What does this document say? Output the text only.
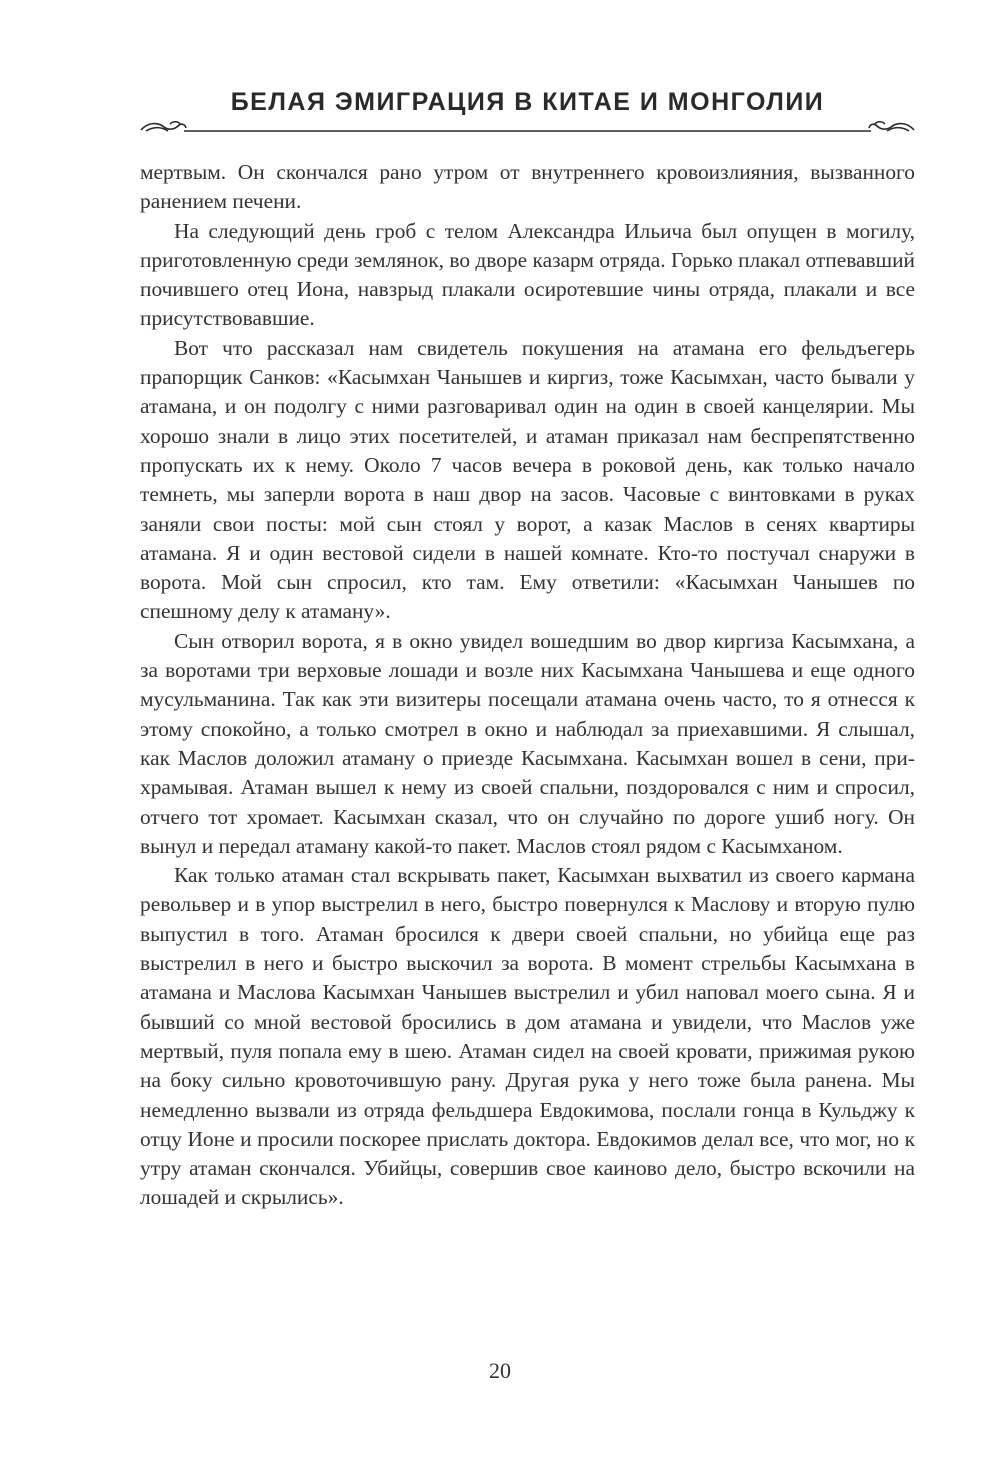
БЕЛАЯ ЭМИГРАЦИЯ В КИТАЕ И МОНГОЛИИ

мертвым. Он скончался рано утром от внутреннего кровоизлияния, вызванного ранением печени.

На следующий день гроб с телом Александра Ильича был опущен в могилу, приготовленную среди землянок, во дворе казарм отряда. Горько плакал отпевавший почившего отец Иона, навзрыд плакали осиротевшие чины отряда, плакали и все присутствовавшие.

Вот что рассказал нам свидетель покушения на атамана его фельдъегерь прапорщик Санков: «Касымхан Чанышев и киргиз, тоже Касымхан, часто бывали у атамана, и он подолгу с ними разговаривал один на один в своей канцелярии. Мы хорошо знали в лицо этих посетителей, и атаман приказал нам беспрепятственно пропускать их к нему. Около 7 часов вечера в роковой день, как только начало темнеть, мы заперли ворота в наш двор на засов. Часовые с винтовками в руках заняли свои посты: мой сын стоял у ворот, а казак Маслов в сенях квартиры атамана. Я и один вестовой сидели в нашей комнате. Кто-то постучал снаружи в ворота. Мой сын спросил, кто там. Ему ответили: «Касымхан Чанышев по спешному делу к атаману».

Сын отворил ворота, я в окно увидел вошедшим во двор киргиза Касымхана, а за воротами три верховые лошади и возле них Касымхана Чанышева и еще одного мусульманина. Так как эти визитеры посещали атамана очень часто, то я отнесся к этому спокойно, а только смотрел в окно и наблюдал за приехавшими. Я слышал, как Маслов доложил атаману о приезде Касымхана. Касымхан вошел в сени, прихрамывая. Атаман вышел к нему из своей спальни, поздоровался с ним и спросил, отчего тот хромает. Касымхан сказал, что он случайно по дороге ушиб ногу. Он вынул и передал атаману какой-то пакет. Маслов стоял рядом с Касымханом.

Как только атаман стал вскрывать пакет, Касымхан выхватил из своего кармана револьвер и в упор выстрелил в него, быстро повернулся к Маслову и вторую пулю выпустил в того. Атаман бросился к двери своей спальни, но убийца еще раз выстрелил в него и быстро выскочил за ворота. В момент стрельбы Касымхана в атамана и Маслова Касымхан Чанышев выстрелил и убил наповал моего сына. Я и бывший со мной вестовой бросились в дом атамана и увидели, что Маслов уже мертвый, пуля попала ему в шею. Атаман сидел на своей кровати, прижимая рукою на боку сильно кровоточившую рану. Другая рука у него тоже была ранена. Мы немедленно вызвали из отряда фельдшера Евдокимова, послали гонца в Кульджу к отцу Ионе и просили поскорее прислать доктора. Евдокимов делал все, что мог, но к утру атаман скончался. Убийцы, совершив свое каиново дело, быстро вскочили на лошадей и скрылись».

20
